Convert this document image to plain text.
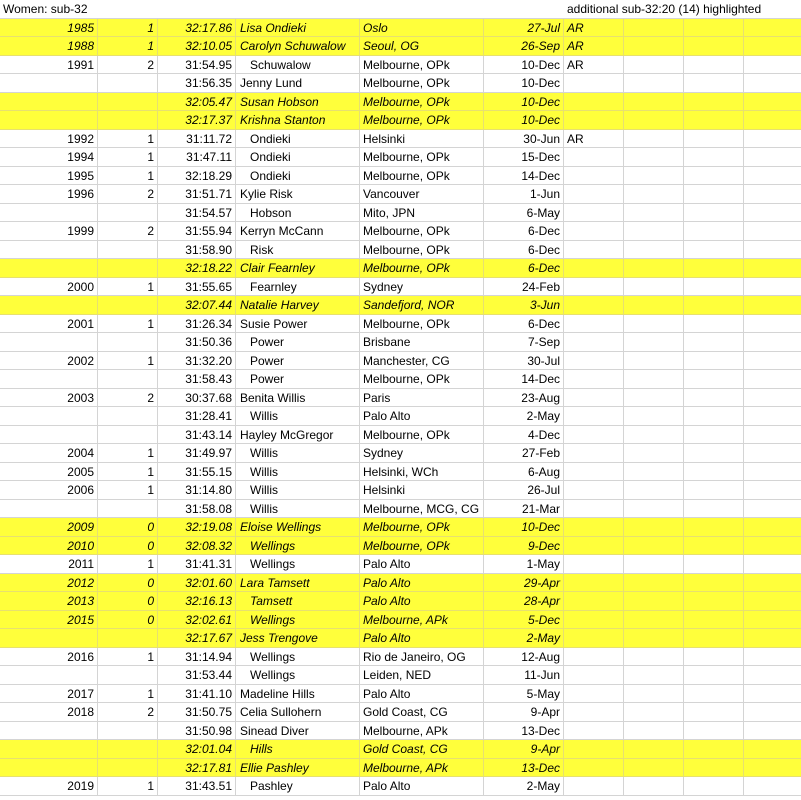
Women: sub-32	additional sub-32:20 (14) highlighted
1985	1	32:17.86 Lisa Ondieki	Oslo	27-Jul AR
1988	1	32:10.05 Carolyn Schuwalow	Seoul, OG	26-Sep AR
1991	2	31:54.95	Schuwalow	Melbourne, OPk	10-Dec AR
31:56.35 Jenny Lund	Melbourne, OPk	10-Dec
32:05.47 Susan Hobson	Melbourne, OPk	10-Dec
32:17.37 Krishna Stanton	Melbourne, OPk	10-Dec
1992	1	31:11.72	Ondieki	Helsinki	30-Jun AR
1994	1	31:47.11	Ondieki	Melbourne, OPk	15-Dec
1995	1	32:18.29	Ondieki	Melbourne, OPk	14-Dec
1996	2	31:51.71 Kylie Risk	Vancouver	1-Jun
31:54.57	Hobson	Mito, JPN	6-May
1999	2	31:55.94 Kerryn McCann	Melbourne, OPk	6-Dec
31:58.90	Risk	Melbourne, OPk	6-Dec
32:18.22 Clair Fearnley	Melbourne, OPk	6-Dec
2000	1	31:55.65	Fearnley	Sydney	24-Feb
32:07.44 Natalie Harvey	Sandefjord, NOR	3-Jun
2001	1	31:26.34 Susie Power	Melbourne, OPk	6-Dec
31:50.36	Power	Brisbane	7-Sep
2002	1	31:32.20	Power	Manchester, CG	30-Jul
31:58.43	Power	Melbourne, OPk	14-Dec
2003	2	30:37.68 Benita Willis	Paris	23-Aug
31:28.41	Willis	Palo Alto	2-May
31:43.14 Hayley McGregor	Melbourne, OPk	4-Dec
2004	1	31:49.97	Willis	Sydney	27-Feb
2005	1	31:55.15	Willis	Helsinki, WCh	6-Aug
2006	1	31:14.80	Willis	Helsinki	26-Jul
31:58.08	Willis	Melbourne, MCG, CG	21-Mar
2009	0	32:19.08 Eloise Wellings	Melbourne, OPk	10-Dec
2010	0	32:08.32	Wellings	Melbourne, OPk	9-Dec
2011	1	31:41.31	Wellings	Palo Alto	1-May
2012	0	32:01.60 Lara Tamsett	Palo Alto	29-Apr
2013	0	32:16.13	Tamsett	Palo Alto	28-Apr
2015	0	32:02.61	Wellings	Melbourne, APk	5-Dec
32:17.67 Jess Trengove	Palo Alto	2-May
2016	1	31:14.94	Wellings	Rio de Janeiro, OG	12-Aug
31:53.44	Wellings	Leiden, NED	11-Jun
2017	1	31:41.10 Madeline Hills	Palo Alto	5-May
2018	2	31:50.75 Celia Sullohern	Gold Coast, CG	9-Apr
31:50.98 Sinead Diver	Melbourne, APk	13-Dec
32:01.04	Hills	Gold Coast, CG	9-Apr
32:17.81 Ellie Pashley	Melbourne, APk	13-Dec
2019	1	31:43.51	Pashley	Palo Alto	2-May
